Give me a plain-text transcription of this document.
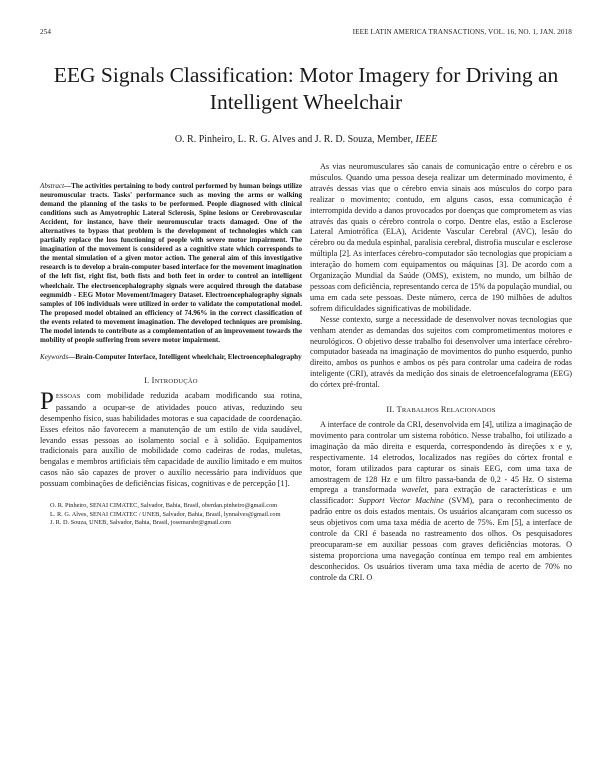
254	IEEE LATIN AMERICA TRANSACTIONS, VOL. 16, NO. 1, JAN. 2018
EEG Signals Classification: Motor Imagery for Driving an Intelligent Wheelchair
O. R. Pinheiro, L. R. G. Alves and J. R. D. Souza, Member, IEEE

Abstract—The activities pertaining to body control performed by human beings utilize neuromuscular tracts. Tasks' performance such as moving the arms or walking demand the planning of the tasks to be performed. People diagnosed with clinical conditions such as Amyotrophic Lateral Sclerosis, Spine lesions or Cerebrovascular Accident, for instance, have their neuromuscular tracts damaged. One of the alternatives to bypass that problem is the development of technologies which can partially replace the loss functioning of people with severe motor impairment. The imagination of the movement is considered as a cognitive state which corresponds to the mental simulation of a given motor action. The general aim of this investigative research is to develop a brain-computer based interface for the movement imagination of the left fist, right fist, both fists and both feet in order to control an intelligent wheelchair. The electroencephalography signals were acquired through the database eegmmidb - EEG Motor Movement/Imagery Dataset. Electroencephalography signals samples of 106 individuals were utilized in order to validate the computational model. The proposed model obtained an efficiency of 74.96% in the correct classification of the events related to movement imagination. The developed techniques are promising. The model intends to contribute as a complementation of an improvement towards the mobility of people suffering from severe motor impairment.

Keywords—Brain-Computer Interface, Intelligent wheelchair, Electroencephalography

I. INTRODUÇÃO

PESSOAS com mobilidade reduzida acabam modificando sua rotina, passando a ocupar-se de atividades pouco ativas, reduzindo seu desempenho físico, suas habilidades motoras e sua capacidade de coordenação. Esses efeitos não favorecem a manutenção de um estilo de vida saudável, levando essas pessoas ao isolamento social e à solidão. Equipamentos tradicionais para auxílio de mobilidade como cadeiras de rodas, muletas, bengalas e membros artificiais têm capacidade de auxílio limitado e em muitos casos não são capazes de prover o auxílio necessário para indivíduos que possuam combinações de deficiências físicas, cognitivas e de percepção [1].

O. R. Pinheiro, SENAI CIMATEC, Salvador, Bahia, Brasil, oberdan.pinheiro@gmail.com
L. R. G. Alves, SENAI CIMATEC / UNEB, Salvador, Bahia, Brasil, lynnalves@gmail.com
J. R. D. Souza, UNEB, Salvador, Bahia, Brasil, josemarsbr@gmail.com

As vias neuromusculares são canais de comunicação entre o cérebro e os músculos. Quando uma pessoa deseja realizar um determinado movimento, é através dessas vias que o cérebro envia sinais aos músculos do corpo para realizar o movimento; contudo, em alguns casos, essa comunicação é interrompida devido a danos provocados por doenças que comprometem as vias através das quais o cérebro controla o corpo. Dentre elas, estão a Esclerose Lateral Amiotrófica (ELA), Acidente Vascular Cerebral (AVC), lesão do cérebro ou da medula espinhal, paralisia cerebral, distrofia muscular e esclerose múltipla [2]. As interfaces cérebro-computador são tecnologias que propiciam a interação do homem com equipamentos ou máquinas [3]. De acordo com a Organização Mundial da Saúde (OMS), existem, no mundo, um bilhão de pessoas com deficiência, representando cerca de 15% da população mundial, ou uma em cada sete pessoas. Deste número, cerca de 190 milhões de adultos sofrem dificuldades significativas de mobilidade.

Nesse contexto, surge a necessidade de desenvolver novas tecnologias que venham atender as demandas dos sujeitos com comprometimentos motores e neurológicos. O objetivo desse trabalho foi desenvolver uma interface cérebro-computador baseada na imaginação de movimentos do punho esquerdo, punho direito, ambos os punhos e ambos os pés para controlar uma cadeira de rodas inteligente (CRI), através da medição dos sinais de eletroencefalograma (EEG) do córtex pré-frontal.

II. TRABALHOS RELACIONADOS

A interface de controle da CRI, desenvolvida em [4], utiliza a imaginação de movimento para controlar um sistema robótico. Nesse trabalho, foi utilizado a imaginação da mão direita e esquerda, correspondendo às direções x e y, respectivamente. 14 eletrodos, localizados nas regiões do córtex frontal e motor, foram utilizados para capturar os sinais EEG, com uma taxa de amostragem de 128 Hz e um filtro passa-banda de 0,2 - 45 Hz. O sistema emprega a transformada wavelet, para extração de características e um classificador: Support Vector Machine (SVM), para o reconhecimento de padrão entre os dois estados mentais. Os usuários alcançaram com sucesso os seus objetivos com uma taxa média de acerto de 75%. Em [5], a interface de controle da CRI é baseada no rastreamento dos olhos. Os pesquisadores preocuparam-se em auxiliar pessoas com graves deficiências motoras. O sistema proporciona uma navegação contínua em tempo real em ambientes desconhecidos. Os usuários tiveram uma taxa média de acerto de 70% no controle da CRI. O
